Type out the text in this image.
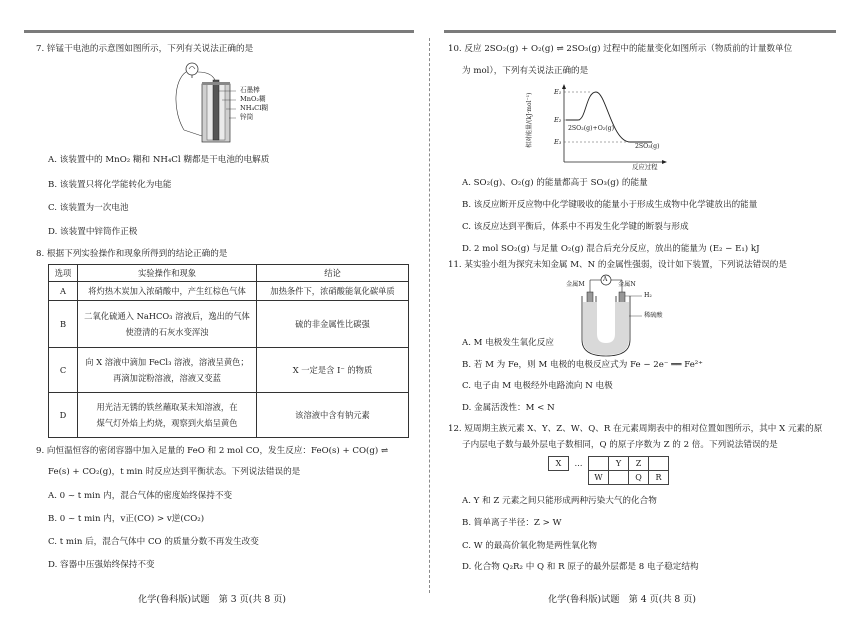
7. 锌锰干电池的示意图如图所示，下列有关说法正确的是
石墨棒
MnO₂糊
NH₄Cl糊
锌筒
A. 该装置中的 MnO₂ 糊和 NH₄Cl 糊都是干电池的电解质
B. 该装置只将化学能转化为电能
C. 该装置为一次电池
D. 该装置中锌筒作正极
8. 根据下列实验操作和现象所得到的结论正确的是
选项	实验操作和现象	结论
A	将灼热木炭加入浓硝酸中，产生红棕色气体	加热条件下，浓硝酸能氧化碳单质
B	二氧化硫通入 NaHCO₃ 溶液后，逸出的气体
使澄清的石灰水变浑浊	硫的非金属性比碳强
C	向 X 溶液中滴加 FeCl₃ 溶液，溶液呈黄色；
再滴加淀粉溶液，溶液又变蓝	X 一定是含 I⁻ 的物质
D	用光洁无锈的铁丝蘸取某未知溶液，在
煤气灯外焰上灼烧，观察到火焰呈黄色	该溶液中含有钠元素
9. 向恒温恒容的密闭容器中加入足量的 FeO 和 2 mol CO，发生反应：FeO(s) + CO(g) ⇌
Fe(s) + CO₂(g)，t min 时反应达到平衡状态。下列说法错误的是
A. 0 ~ t min 内，混合气体的密度始终保持不变
B. 0 ~ t min 内，v正(CO) > v逆(CO₂)
C. t min 后，混合气体中 CO 的质量分数不再发生改变
D. 容器中压强始终保持不变
化学(鲁科版)试题　第 3 页(共 8 页)
10. 反应 2SO₂(g) + O₂(g) ⇌ 2SO₃(g) 过程中的能量变化如图所示（物质前的计量数单位
为 mol），下列有关说法正确的是
相对能量/(kJ·mol⁻¹)
E₁
E₂
E₃
2SO₂(g)+O₂(g)
2SO₃(g)
反应过程
A. SO₂(g)、O₂(g) 的能量都高于 SO₃(g) 的能量
B. 该反应断开反应物中化学键吸收的能量小于形成生成物中化学键放出的能量
C. 该反应达到平衡后，体系中不再发生化学键的断裂与形成
D. 2 mol SO₂(g) 与足量 O₂(g) 混合后充分反应，放出的能量为 (E₂ − E₁) kJ
11. 某实验小组为探究未知金属 M、N 的金属性强弱，设计如下装置，下列说法错误的是
A
金属M	金属N
H₂
稀硫酸
A. M 电极发生氧化反应
B. 若 M 为 Fe，则 M 电极的电极反应式为 Fe − 2e⁻ ══ Fe²⁺
C. 电子由 M 电极经外电路流向 N 电极
D. 金属活泼性：M < N
12. 短周期主族元素 X、Y、Z、W、Q、R 在元素周期表中的相对位置如图所示，其中 X 元素的原
子内层电子数与最外层电子数相同，Q 的原子序数为 Z 的 2 倍。下列说法错误的是
X	…		Y	Z	
		W		Q	R
A. Y 和 Z 元素之间只能形成两种污染大气的化合物
B. 简单离子半径：Z > W
C. W 的最高价氧化物是两性氧化物
D. 化合物 Q₂R₂ 中 Q 和 R 原子的最外层都是 8 电子稳定结构
化学(鲁科版)试题　第 4 页(共 8 页)
